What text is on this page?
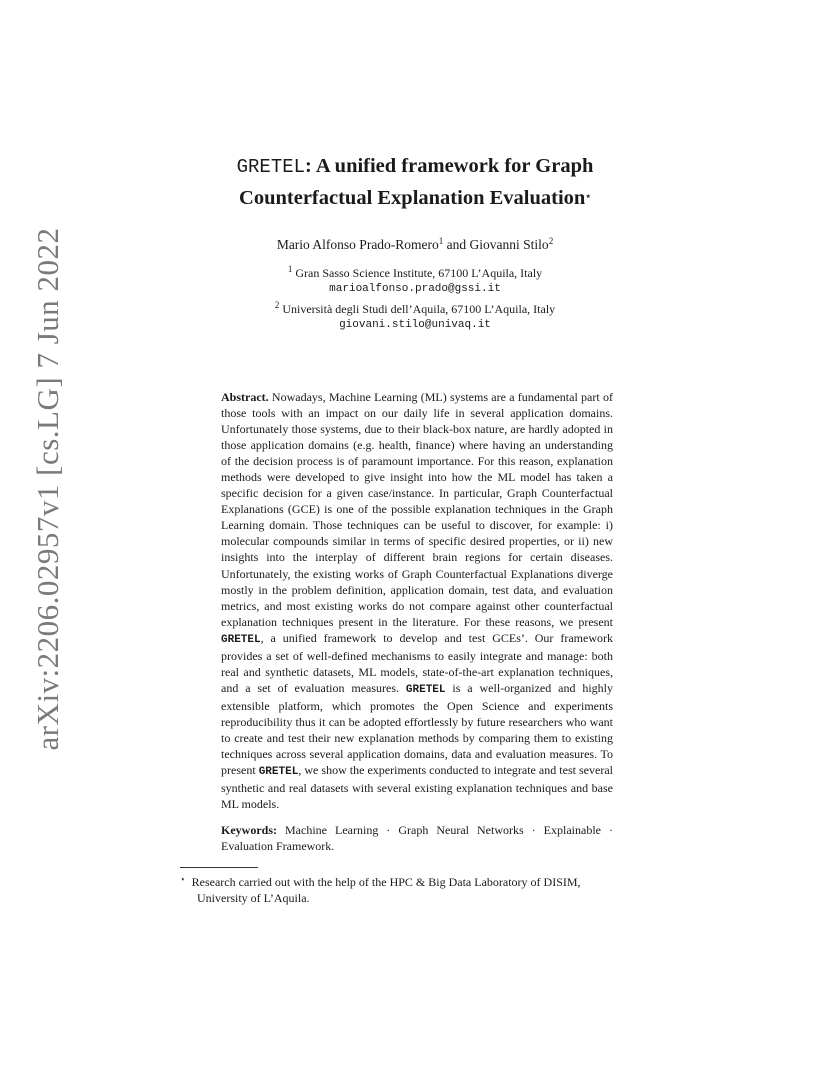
arXiv:2206.02957v1 [cs.LG] 7 Jun 2022
GRETEL: A unified framework for Graph
Counterfactual Explanation Evaluation⋆
Mario Alfonso Prado-Romero$^1$ and Giovanni Stilo$^2$
$^1$ Gran Sasso Science Institute, 67100 L’Aquila, Italy
marioalfonso.prado@gssi.it
$^2$ Università degli Studi dell’Aquila, 67100 L’Aquila, Italy
giovani.stilo@univaq.it
Abstract. Nowadays, Machine Learning (ML) systems are a fundamental part of those tools with an impact on our daily life in several application domains. Unfortunately those systems, due to their black-box nature, are hardly adopted in those application domains (e.g. health, finance) where having an understanding of the decision process is of paramount importance. For this reason, explanation methods were developed to give insight into how the ML model has taken a specific decision for a given case/instance. In particular, Graph Counterfactual Explanations (GCE) is one of the possible explanation techniques in the Graph Learning domain. Those techniques can be useful to discover, for example: i) molecular compounds similar in terms of specific desired properties, or ii) new insights into the interplay of different brain regions for certain diseases. Unfortunately, the existing works of Graph Counterfactual Explanations diverge mostly in the problem definition, application domain, test data, and evaluation metrics, and most existing works do not compare against other counterfactual explanation techniques present in the literature. For these reasons, we present GRETEL, a unified framework to develop and test GCEs’. Our framework provides a set of well-defined mechanisms to easily integrate and manage: both real and synthetic datasets, ML models, state-of-the-art explanation techniques, and a set of evaluation measures. GRETEL is a well-organized and highly extensible platform, which promotes the Open Science and experiments reproducibility thus it can be adopted effortlessly by future researchers who want to create and test their new explanation methods by comparing them to existing techniques across several application domains, data and evaluation measures. To present GRETEL, we show the experiments conducted to integrate and test several synthetic and real datasets with several existing explanation techniques and base ML models.
Keywords: Machine Learning · Graph Neural Networks · Explainable · Evaluation Framework.
⋆ Research carried out with the help of the HPC & Big Data Laboratory of DISIM,
University of L’Aquila.
